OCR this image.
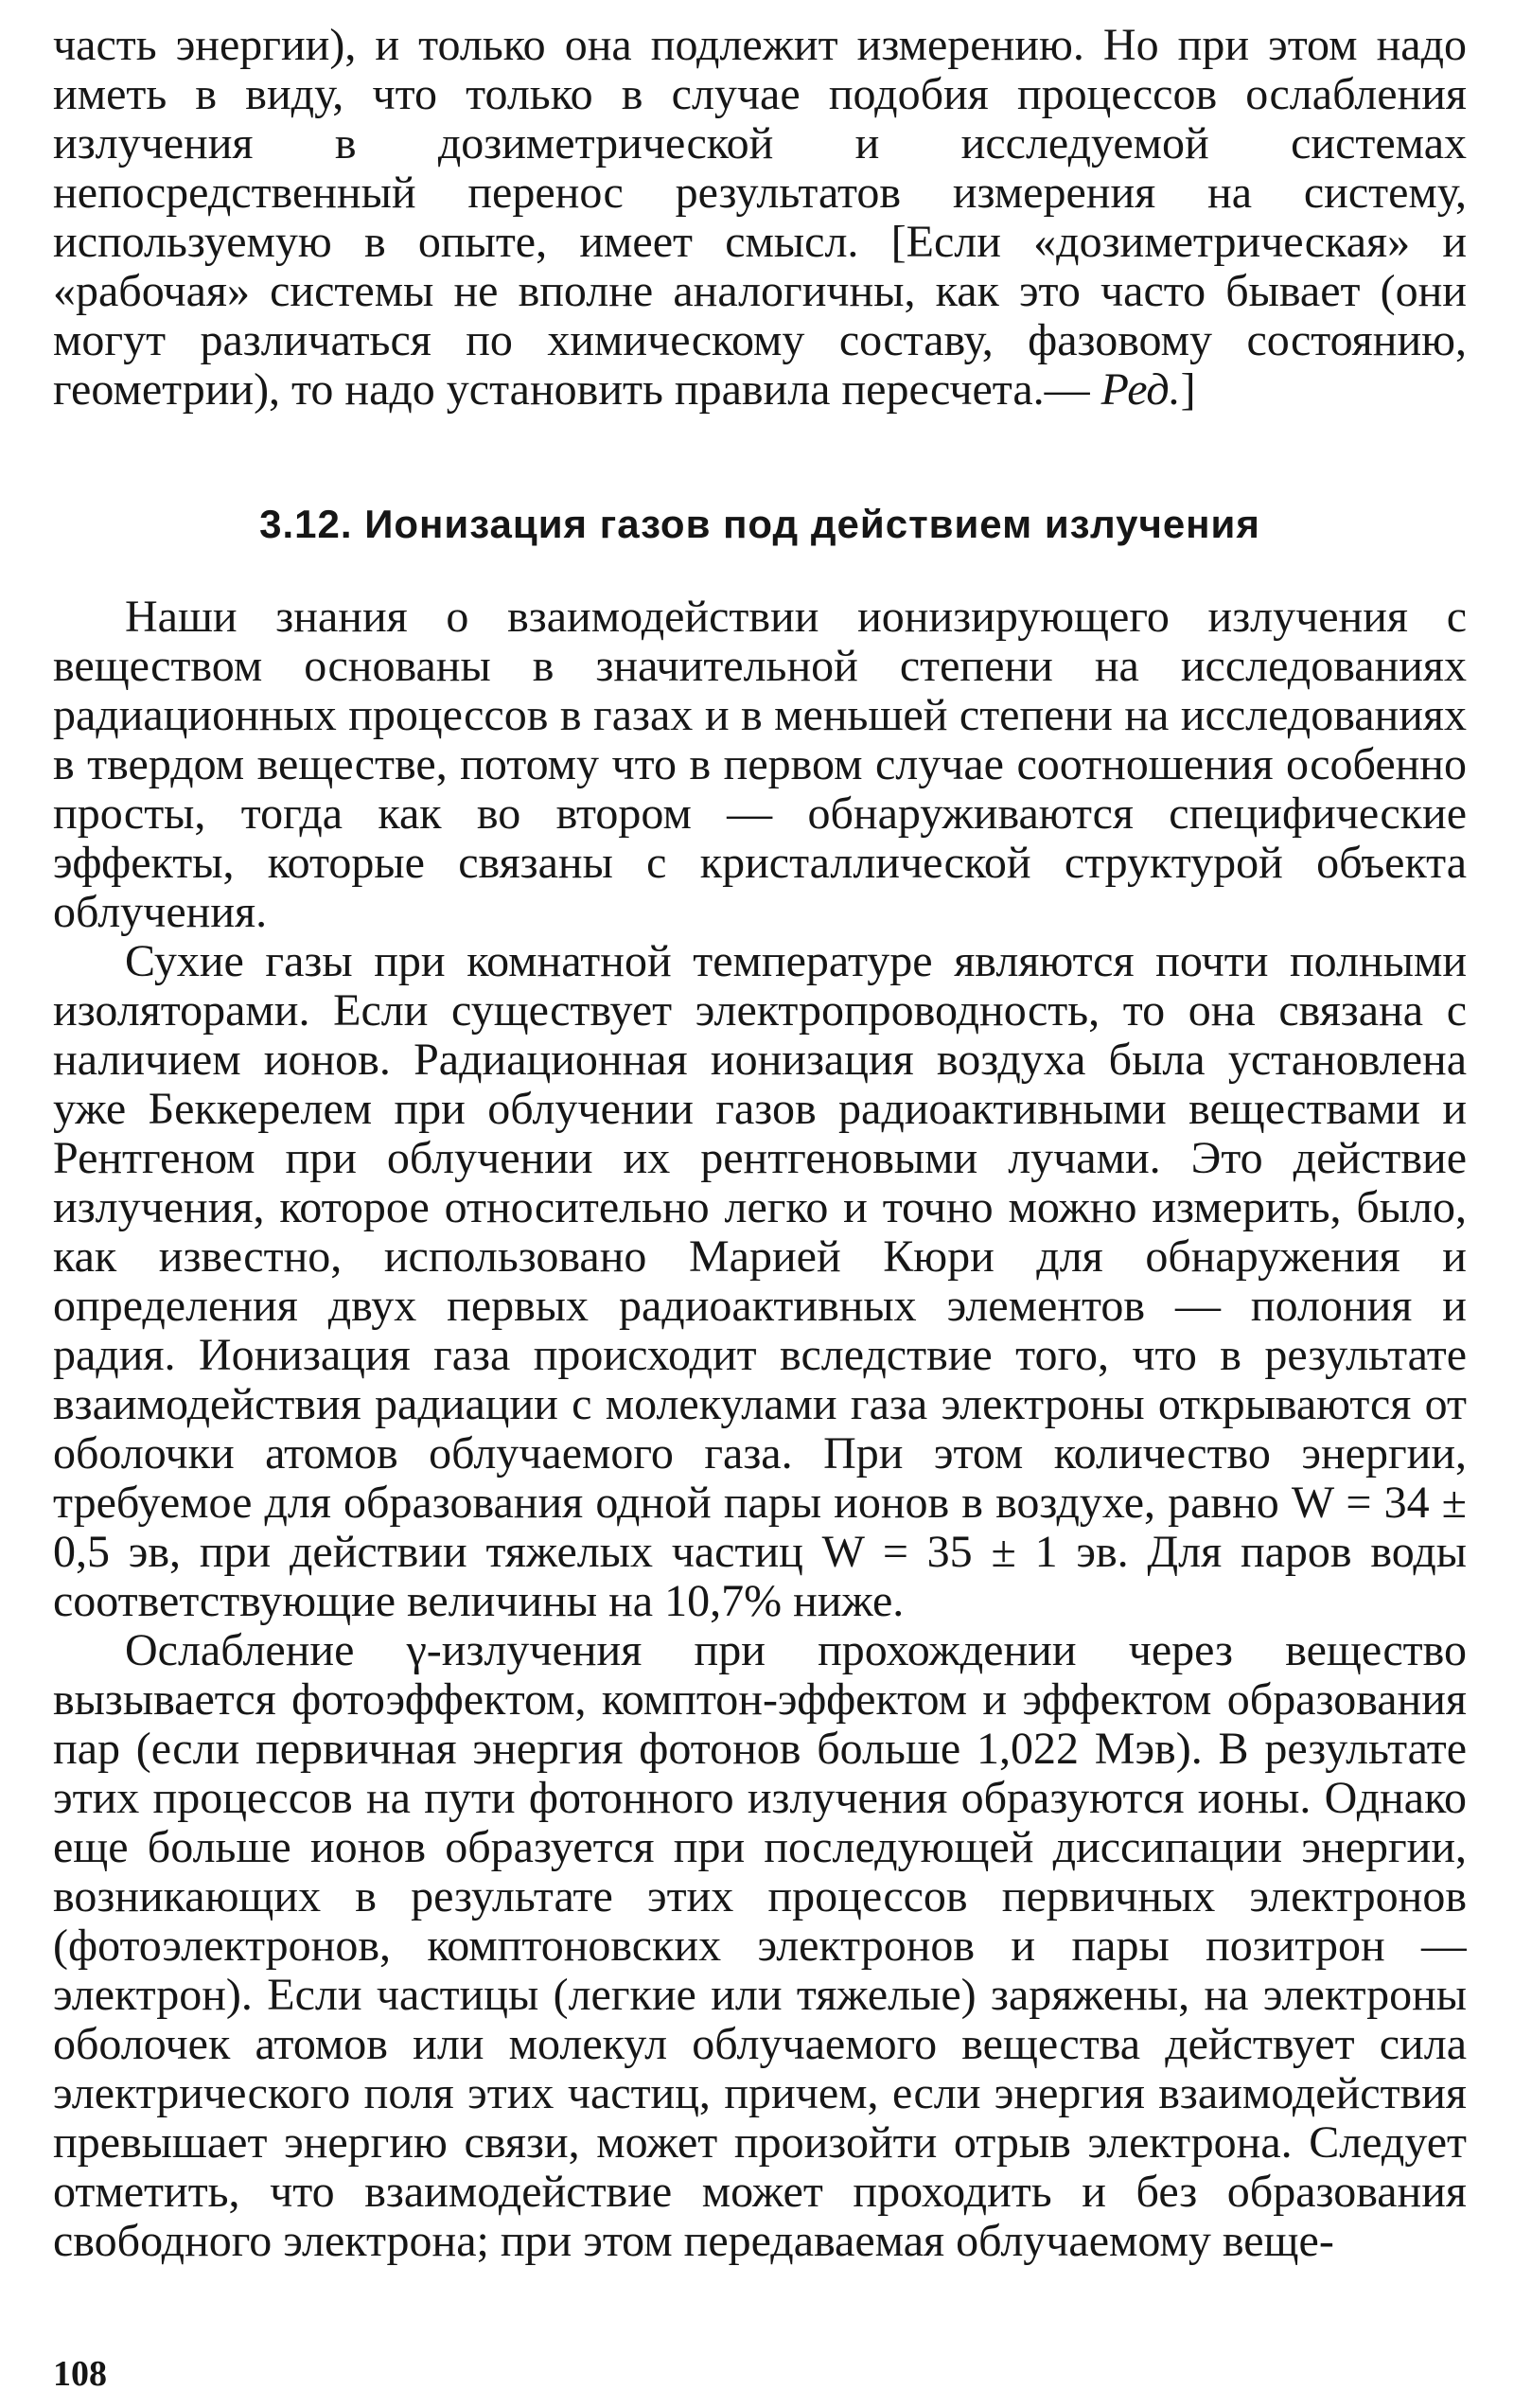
часть энергии), и только она подлежит измерению. Но при этом надо иметь в виду, что только в случае подобия процессов ослабления излучения в дозиметрической и исследуемой системах непосредственный перенос результатов измерения на систему, используемую в опыте, имеет смысл. [Если «дозиметрическая» и «рабочая» системы не вполне аналогичны, как это часто бывает (они могут различаться по химическому составу, фазовому состоянию, геометрии), то надо установить правила пересчета.— Ред.]

3.12. Ионизация газов под действием излучения

Наши знания о взаимодействии ионизирующего излучения с веществом основаны в значительной степени на исследованиях радиационных процессов в газах и в меньшей степени на исследованиях в твердом веществе, потому что в первом случае соотношения особенно просты, тогда как во втором — обнаруживаются специфические эффекты, которые связаны с кристаллической структурой объекта облучения.

Сухие газы при комнатной температуре являются почти полными изоляторами. Если существует электропроводность, то она связана с наличием ионов. Радиационная ионизация воздуха была установлена уже Беккерелем при облучении газов радиоактивными веществами и Рентгеном при облучении их рентгеновыми лучами. Это действие излучения, которое относительно легко и точно можно измерить, было, как известно, использовано Марией Кюри для обнаружения и определения двух первых радиоактивных элементов — полония и радия. Ионизация газа происходит вследствие того, что в результате взаимодействия радиации с молекулами газа электроны открываются от оболочки атомов облучаемого газа. При этом количество энергии, требуемое для образования одной пары ионов в воздухе, равно W = 34 ± 0,5 эв, при действии тяжелых частиц W = 35 ± 1 эв. Для паров воды соответствующие величины на 10,7% ниже.

Ослабление γ-излучения при прохождении через вещество вызывается фотоэффектом, комптон-эффектом и эффектом образования пар (если первичная энергия фотонов больше 1,022 Мэв). В результате этих процессов на пути фотонного излучения образуются ионы. Однако еще больше ионов образуется при последующей диссипации энергии, возникающих в результате этих процессов первичных электронов (фотоэлектронов, комптоновских электронов и пары позитрон — электрон). Если частицы (легкие или тяжелые) заряжены, на электроны оболочек атомов или молекул облучаемого вещества действует сила электрического поля этих частиц, причем, если энергия взаимодействия превышает энергию связи, может произойти отрыв электрона. Следует отметить, что взаимодействие может проходить и без образования свободного электрона; при этом передаваемая облучаемому веще-

108
